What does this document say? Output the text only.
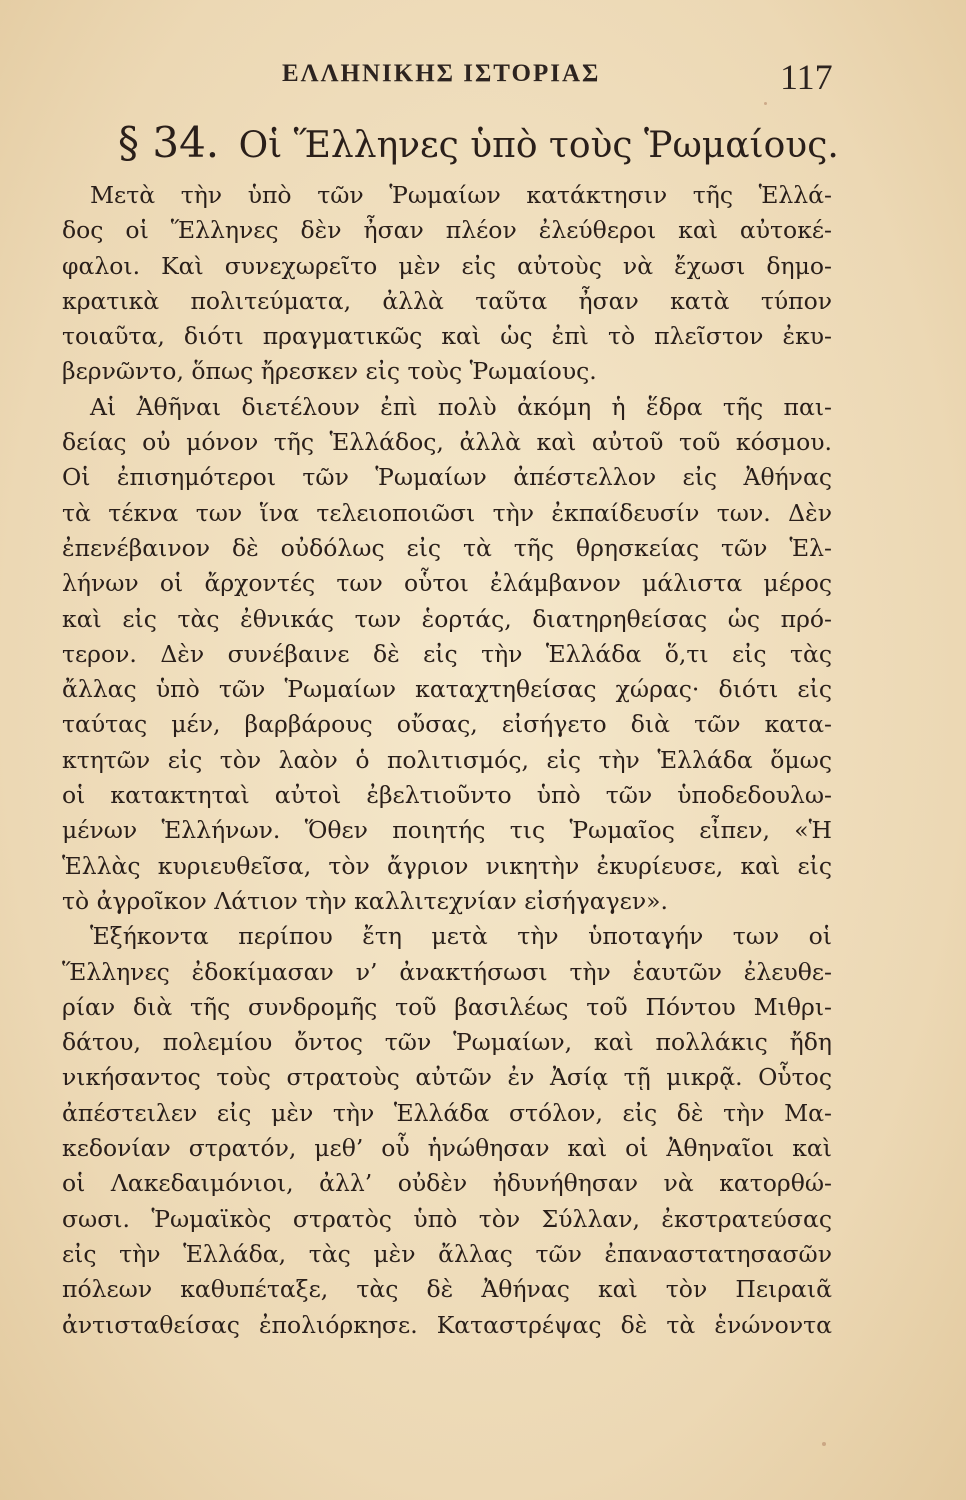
ΕΛΛΗΝΙΚΗΣ ΙΣΤΟΡΙΑΣ	117
§ 34. Οἱ Ἕλληνες ὑπὸ τοὺς Ῥωμαίους.
Μετὰ τὴν ὑπὸ τῶν Ῥωμαίων κατάκτησιν τῆς Ἑλλά-
δος οἱ Ἕλληνες δὲν ἦσαν πλέον ἐλεύθεροι καὶ αὐτοκέ-
φαλοι. Καὶ συνεχωρεῖτο μὲν εἰς αὐτοὺς νὰ ἔχωσι δημο-
κρατικὰ πολιτεύματα, ἀλλὰ ταῦτα ἦσαν κατὰ τύπον
τοιαῦτα, διότι πραγματικῶς καὶ ὡς ἐπὶ τὸ πλεῖστον ἐκυ-
βερνῶντο, ὅπως ἤρεσκεν εἰς τοὺς Ῥωμαίους.
Αἱ Ἀθῆναι διετέλουν ἐπὶ πολὺ ἀκόμη ἡ ἕδρα τῆς παι-
δείας οὐ μόνον τῆς Ἑλλάδος, ἀλλὰ καὶ αὐτοῦ τοῦ κόσμου.
Οἱ ἐπισημότεροι τῶν Ῥωμαίων ἀπέστελλον εἰς Ἀθήνας
τὰ τέκνα των ἵνα τελειοποιῶσι τὴν ἐκπαίδευσίν των. Δὲν
ἐπενέβαινον δὲ οὐδόλως εἰς τὰ τῆς θρησκείας τῶν Ἑλ-
λήνων οἱ ἄρχοντές των οὗτοι ἐλάμβανον μάλιστα μέρος
καὶ εἰς τὰς ἐθνικάς των ἑορτάς, διατηρηθείσας ὡς πρό-
τερον. Δὲν συνέβαινε δὲ εἰς τὴν Ἑλλάδα ὅ,τι εἰς τὰς
ἄλλας ὑπὸ τῶν Ῥωμαίων καταχτηθείσας χώρας· διότι εἰς
ταύτας μέν, βαρβάρους οὔσας, εἰσήγετο διὰ τῶν κατα-
κτητῶν εἰς τὸν λαὸν ὁ πολιτισμός, εἰς τὴν Ἑλλάδα ὅμως
οἱ κατακτηταὶ αὐτοὶ ἐβελτιοῦντο ὑπὸ τῶν ὑποδεδουλω-
μένων Ἑλλήνων. Ὅθεν ποιητής τις Ῥωμαῖος εἶπεν, «Ἡ
Ἑλλὰς κυριευθεῖσα, τὸν ἄγριον νικητὴν ἐκυρίευσε, καὶ εἰς
τὸ ἀγροῖκον Λάτιον τὴν καλλιτεχνίαν εἰσήγαγεν».
Ἑξήκοντα περίπου ἔτη μετὰ τὴν ὑποταγήν των οἱ
Ἕλληνες ἐδοκίμασαν ν’ ἀνακτήσωσι τὴν ἑαυτῶν ἐλευθε-
ρίαν διὰ τῆς συνδρομῆς τοῦ βασιλέως τοῦ Πόντου Μιθρι-
δάτου, πολεμίου ὄντος τῶν Ῥωμαίων, καὶ πολλάκις ἤδη
νικήσαντος τοὺς στρατοὺς αὐτῶν ἐν Ἀσίᾳ τῇ μικρᾷ. Οὗτος
ἀπέστειλεν εἰς μὲν τὴν Ἑλλάδα στόλον, εἰς δὲ τὴν Μα-
κεδονίαν στρατόν, μεθ’ οὗ ἡνώθησαν καὶ οἱ Ἀθηναῖοι καὶ
οἱ Λακεδαιμόνιοι, ἀλλ’ οὐδὲν ἠδυνήθησαν νὰ κατορθώ-
σωσι. Ῥωμαϊκὸς στρατὸς ὑπὸ τὸν Σύλλαν, ἐκστρατεύσας
εἰς τὴν Ἑλλάδα, τὰς μὲν ἄλλας τῶν ἐπαναστατησασῶν
πόλεων καθυπέταξε, τὰς δὲ Ἀθήνας καὶ τὸν Πειραιᾶ
ἀντισταθείσας ἐπολιόρκησε. Καταστρέψας δὲ τὰ ἑνώνοντα
